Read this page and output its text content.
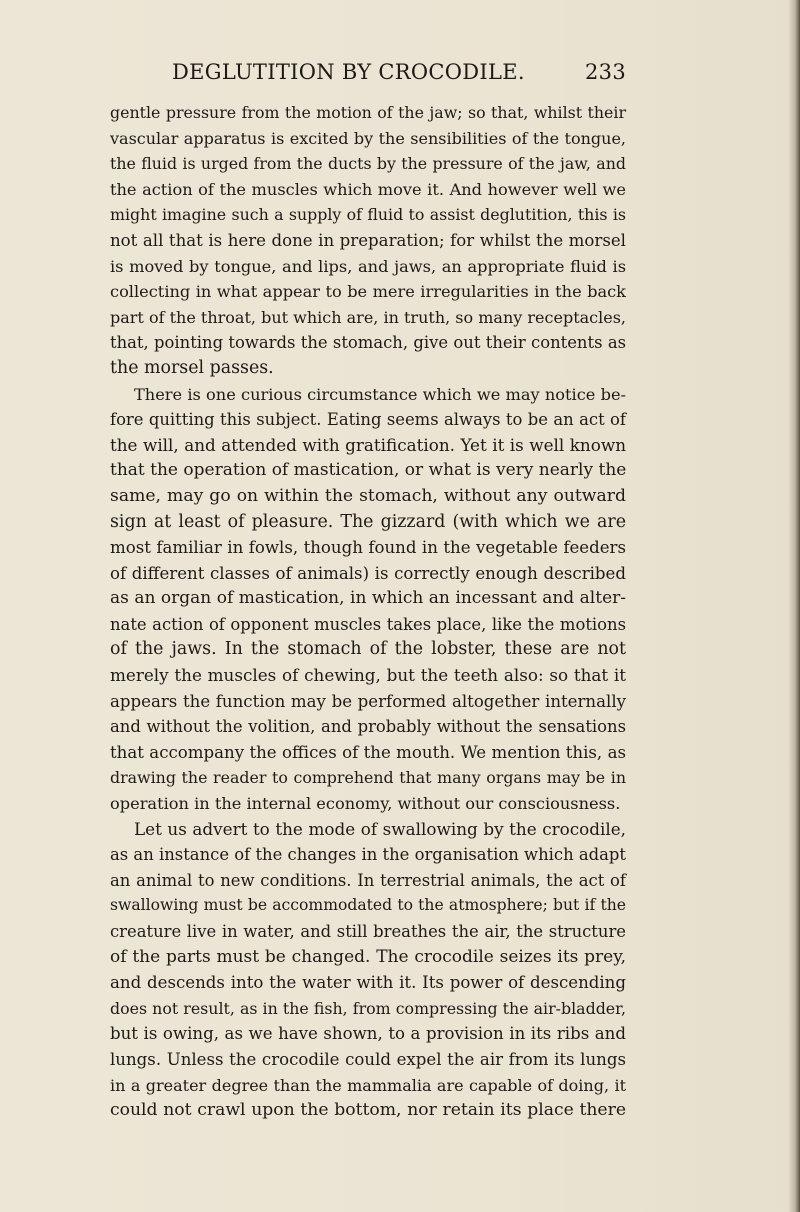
DEGLUTITION BY CROCODILE.	233
gentle pressure from the motion of the jaw; so that, whilst their
vascular apparatus is excited by the sensibilities of the tongue,
the fluid is urged from the ducts by the pressure of the jaw, and
the action of the muscles which move it. And however well we
might imagine such a supply of fluid to assist deglutition, this is
not all that is here done in preparation; for whilst the morsel
is moved by tongue, and lips, and jaws, an appropriate fluid is
collecting in what appear to be mere irregularities in the back
part of the throat, but which are, in truth, so many receptacles,
that, pointing towards the stomach, give out their contents as
the morsel passes.
There is one curious circumstance which we may notice be-
fore quitting this subject. Eating seems always to be an act of
the will, and attended with gratification. Yet it is well known
that the operation of mastication, or what is very nearly the
same, may go on within the stomach, without any outward
sign at least of pleasure. The gizzard (with which we are
most familiar in fowls, though found in the vegetable feeders
of different classes of animals) is correctly enough described
as an organ of mastication, in which an incessant and alter-
nate action of opponent muscles takes place, like the motions
of the jaws. In the stomach of the lobster, these are not
merely the muscles of chewing, but the teeth also: so that it
appears the function may be performed altogether internally
and without the volition, and probably without the sensations
that accompany the offices of the mouth. We mention this, as
drawing the reader to comprehend that many organs may be in
operation in the internal economy, without our consciousness.
Let us advert to the mode of swallowing by the crocodile,
as an instance of the changes in the organisation which adapt
an animal to new conditions. In terrestrial animals, the act of
swallowing must be accommodated to the atmosphere; but if the
creature live in water, and still breathes the air, the structure
of the parts must be changed. The crocodile seizes its prey,
and descends into the water with it. Its power of descending
does not result, as in the fish, from compressing the air-bladder,
but is owing, as we have shown, to a provision in its ribs and
lungs. Unless the crocodile could expel the air from its lungs
in a greater degree than the mammalia are capable of doing, it
could not crawl upon the bottom, nor retain its place there
